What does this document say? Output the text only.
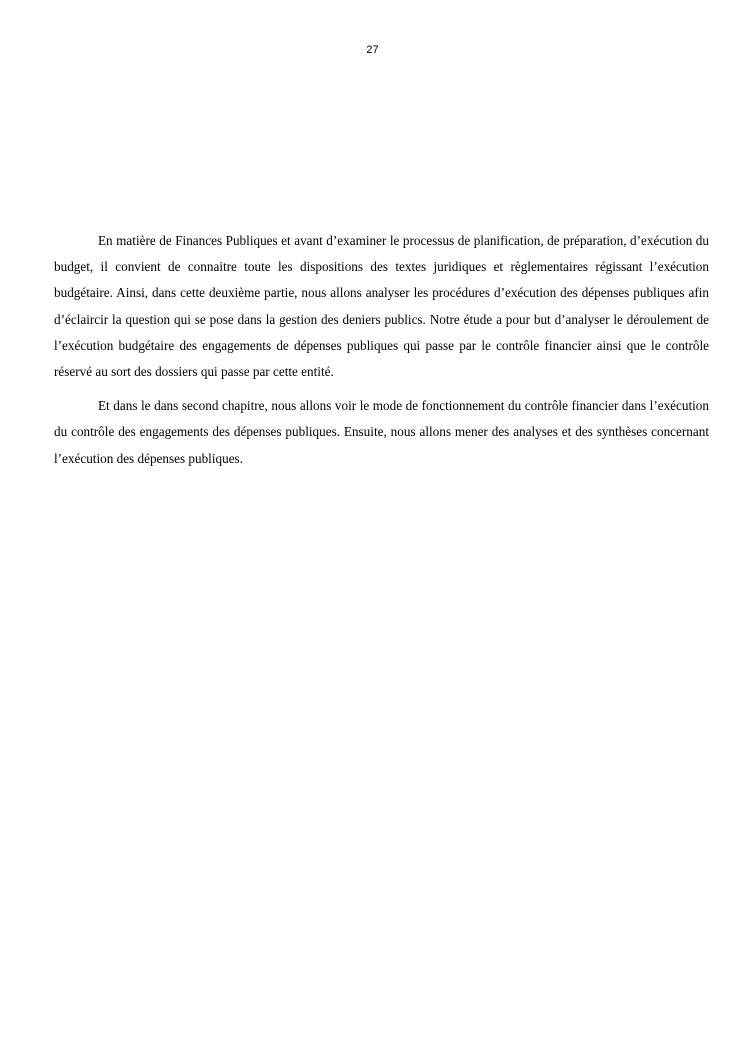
27

En matière de Finances Publiques et avant d’examiner le processus de planification, de préparation, d’exécution du budget, il convient de connaitre toute les dispositions des textes juridiques et règlementaires régissant l’exécution budgétaire. Ainsi, dans cette deuxième partie, nous allons analyser les procédures d’exécution des dépenses publiques afin d’éclaircir la question qui se pose dans la gestion des deniers publics. Notre étude a pour but d’analyser le déroulement de l’exécution budgétaire des engagements de dépenses publiques qui passe par le contrôle financier ainsi que le contrôle réservé au sort des dossiers qui passe par cette entité.

Et dans le dans second chapitre, nous allons voir le mode de fonctionnement du contrôle financier dans l’exécution du contrôle des engagements des dépenses publiques. Ensuite, nous allons mener des analyses et des synthèses concernant l’exécution des dépenses publiques.
